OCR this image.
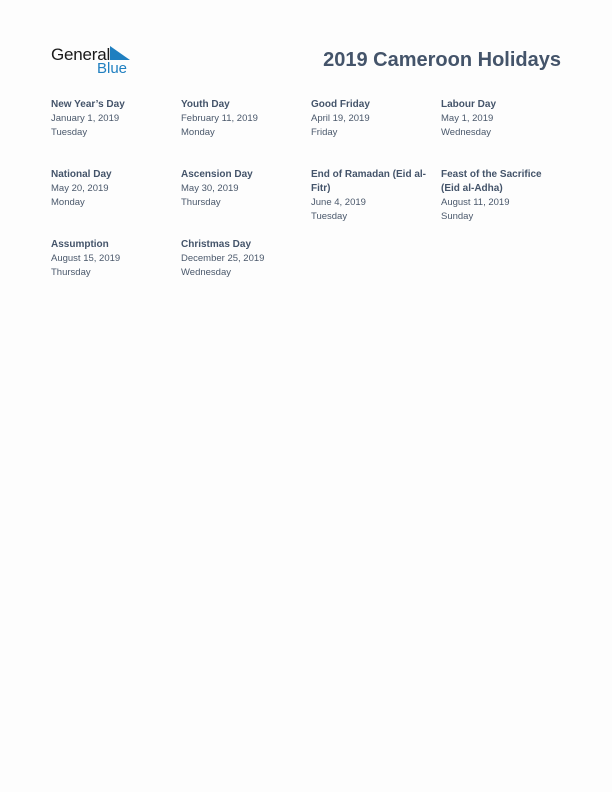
General
Blue	2019 Cameroon Holidays
New Year’s Day
January 1, 2019
Tuesday
Youth Day
February 11, 2019
Monday
Good Friday
April 19, 2019
Friday
Labour Day
May 1, 2019
Wednesday
National Day
May 20, 2019
Monday
Ascension Day
May 30, 2019
Thursday
End of Ramadan (Eid al-Fitr)
June 4, 2019
Tuesday
Feast of the Sacrifice (Eid al-Adha)
August 11, 2019
Sunday
Assumption
August 15, 2019
Thursday
Christmas Day
December 25, 2019
Wednesday
